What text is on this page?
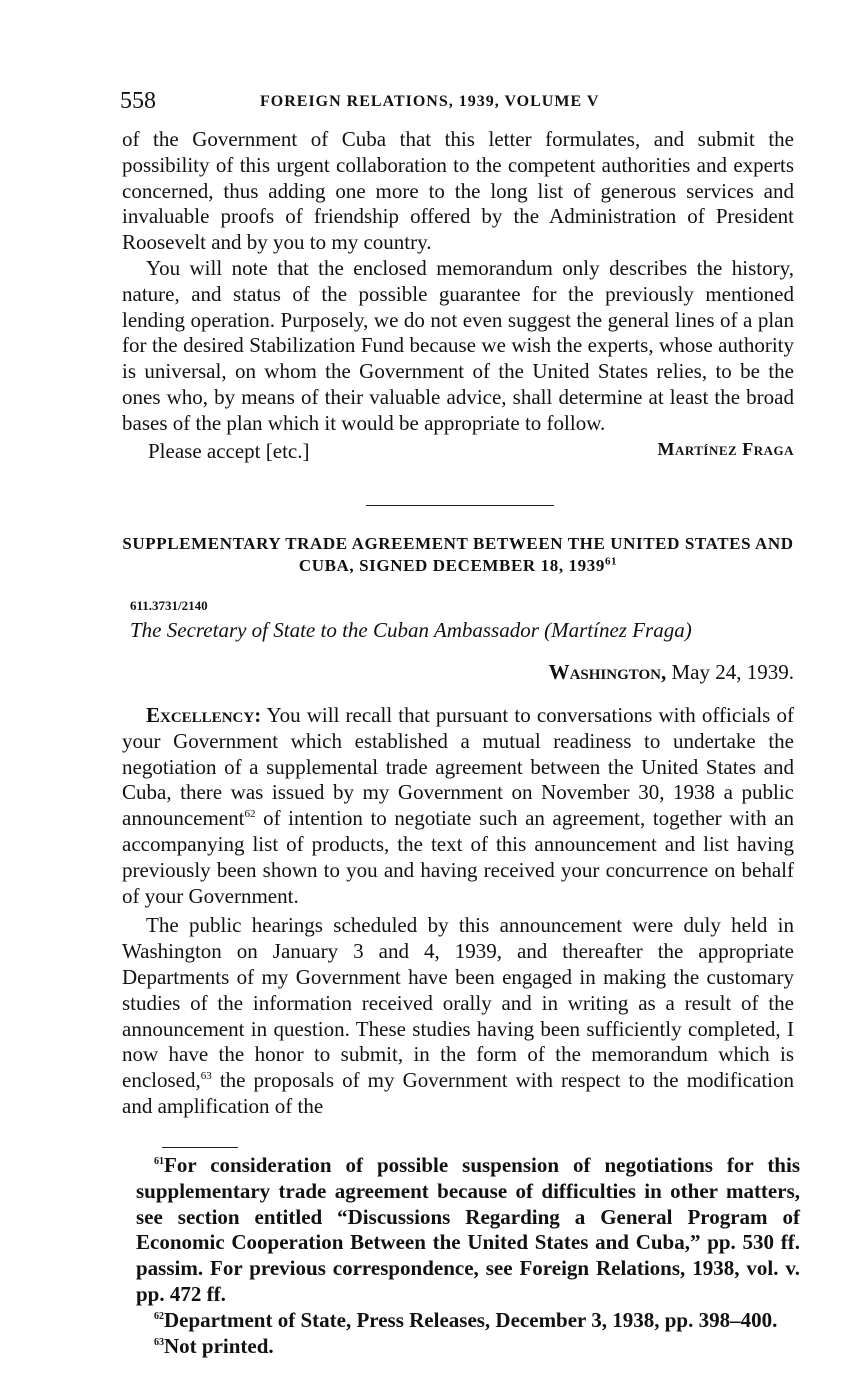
558	FOREIGN RELATIONS, 1939, VOLUME V

of the Government of Cuba that this letter formulates, and submit the possibility of this urgent collaboration to the competent authorities and experts concerned, thus adding one more to the long list of generous services and invaluable proofs of friendship offered by the Administration of President Roosevelt and by you to my country.

You will note that the enclosed memorandum only describes the history, nature, and status of the possible guarantee for the previously mentioned lending operation. Purposely, we do not even suggest the general lines of a plan for the desired Stabilization Fund because we wish the experts, whose authority is universal, on whom the Government of the United States relies, to be the ones who, by means of their valuable advice, shall determine at least the broad bases of the plan which it would be appropriate to follow.

Please accept [etc.]	Martínez Fraga
SUPPLEMENTARY TRADE AGREEMENT BETWEEN THE UNITED STATES AND CUBA, SIGNED DECEMBER 18, 1939$^{61}$
611.3731/2140
The Secretary of State to the Cuban Ambassador (Martínez Fraga)
Washington, May 24, 1939.

Excellency: You will recall that pursuant to conversations with officials of your Government which established a mutual readiness to undertake the negotiation of a supplemental trade agreement between the United States and Cuba, there was issued by my Government on November 30, 1938 a public announcement$^{62}$ of intention to negotiate such an agreement, together with an accompanying list of products, the text of this announcement and list having previously been shown to you and having received your concurrence on behalf of your Government.

The public hearings scheduled by this announcement were duly held in Washington on January 3 and 4, 1939, and thereafter the appropriate Departments of my Government have been engaged in making the customary studies of the information received orally and in writing as a result of the announcement in question. These studies having been sufficiently completed, I now have the honor to submit, in the form of the memorandum which is enclosed,$^{63}$ the proposals of my Government with respect to the modification and amplification of the

$^{61}$For consideration of possible suspension of negotiations for this supplementary trade agreement because of difficulties in other matters, see section entitled “Discussions Regarding a General Program of Economic Cooperation Between the United States and Cuba,” pp. 530 ff. passim. For previous correspondence, see Foreign Relations, 1938, vol. v. pp. 472 ff.

$^{62}$Department of State, Press Releases, December 3, 1938, pp. 398–400.

$^{63}$Not printed.
